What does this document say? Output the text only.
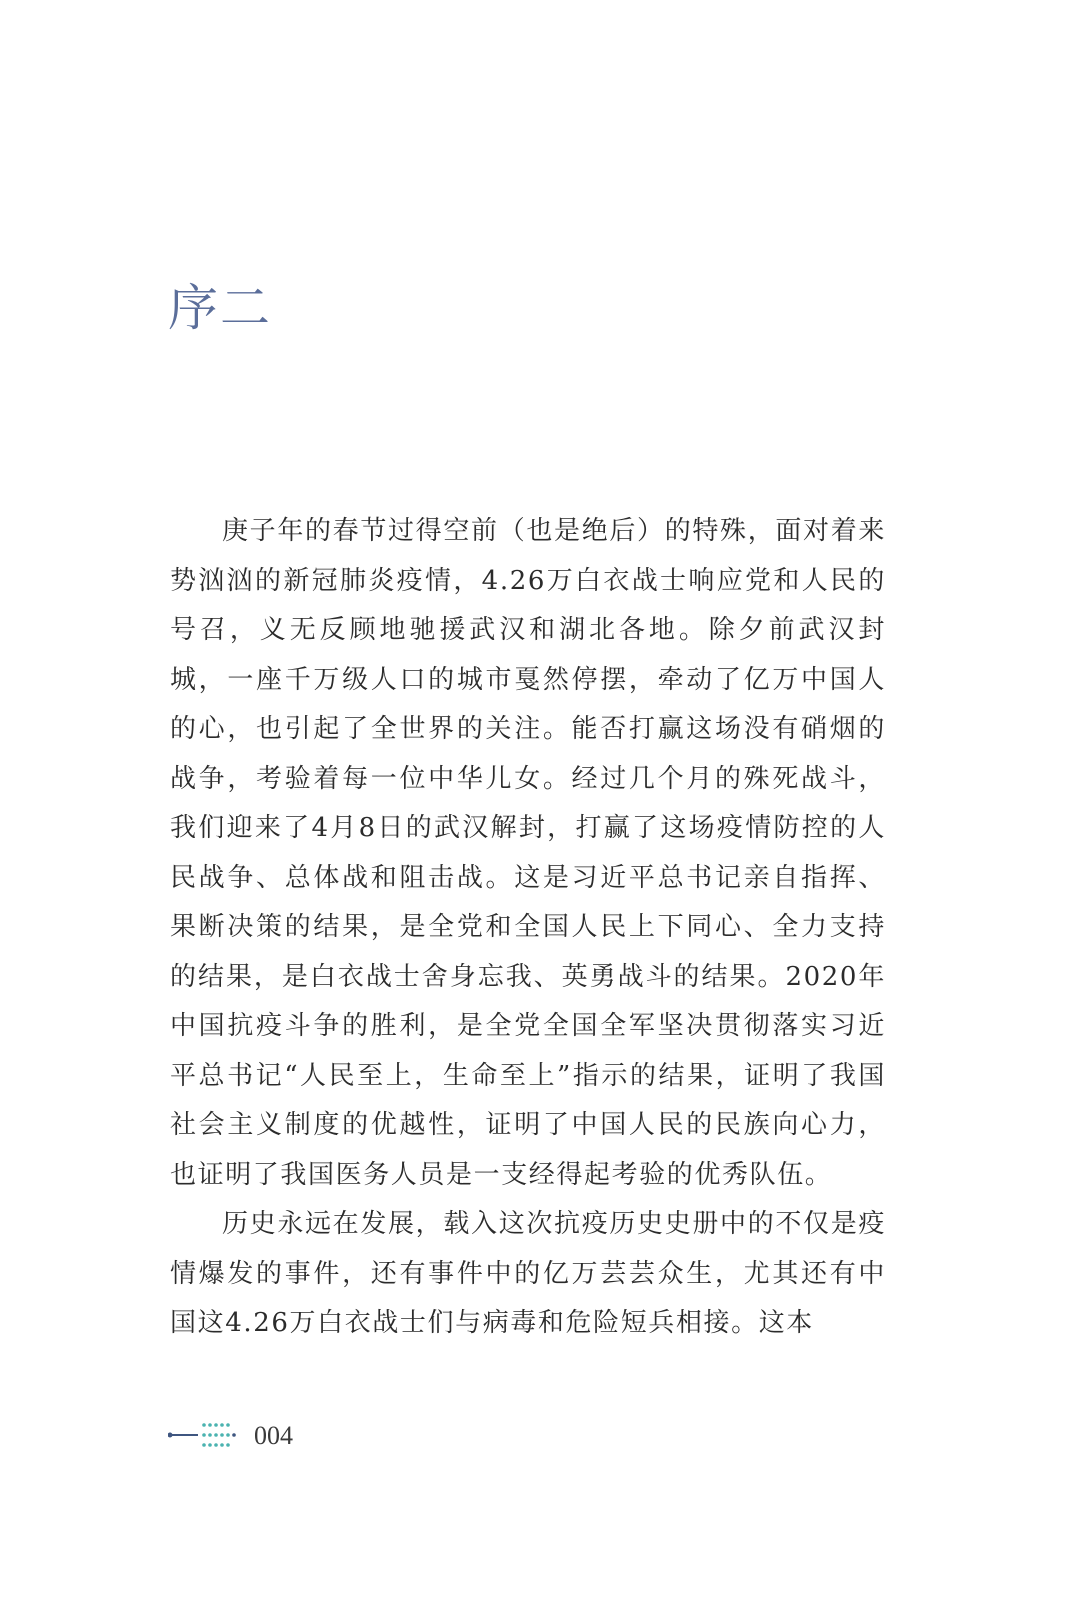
序二

庚子年的春节过得空前（也是绝后）的特殊，面对着来势汹汹的新冠肺炎疫情，4.26万白衣战士响应党和人民的号召，义无反顾地驰援武汉和湖北各地。除夕前武汉封城，一座千万级人口的城市戛然停摆，牵动了亿万中国人的心，也引起了全世界的关注。能否打赢这场没有硝烟的战争，考验着每一位中华儿女。经过几个月的殊死战斗，我们迎来了4月8日的武汉解封，打赢了这场疫情防控的人民战争、总体战和阻击战。这是习近平总书记亲自指挥、果断决策的结果，是全党和全国人民上下同心、全力支持的结果，是白衣战士舍身忘我、英勇战斗的结果。2020年中国抗疫斗争的胜利，是全党全国全军坚决贯彻落实习近平总书记“人民至上，生命至上”指示的结果，证明了我国社会主义制度的优越性，证明了中国人民的民族向心力，也证明了我国医务人员是一支经得起考验的优秀队伍。

历史永远在发展，载入这次抗疫历史史册中的不仅是疫情爆发的事件，还有事件中的亿万芸芸众生，尤其还有中国这4.26万白衣战士们与病毒和危险短兵相接。这本

004
